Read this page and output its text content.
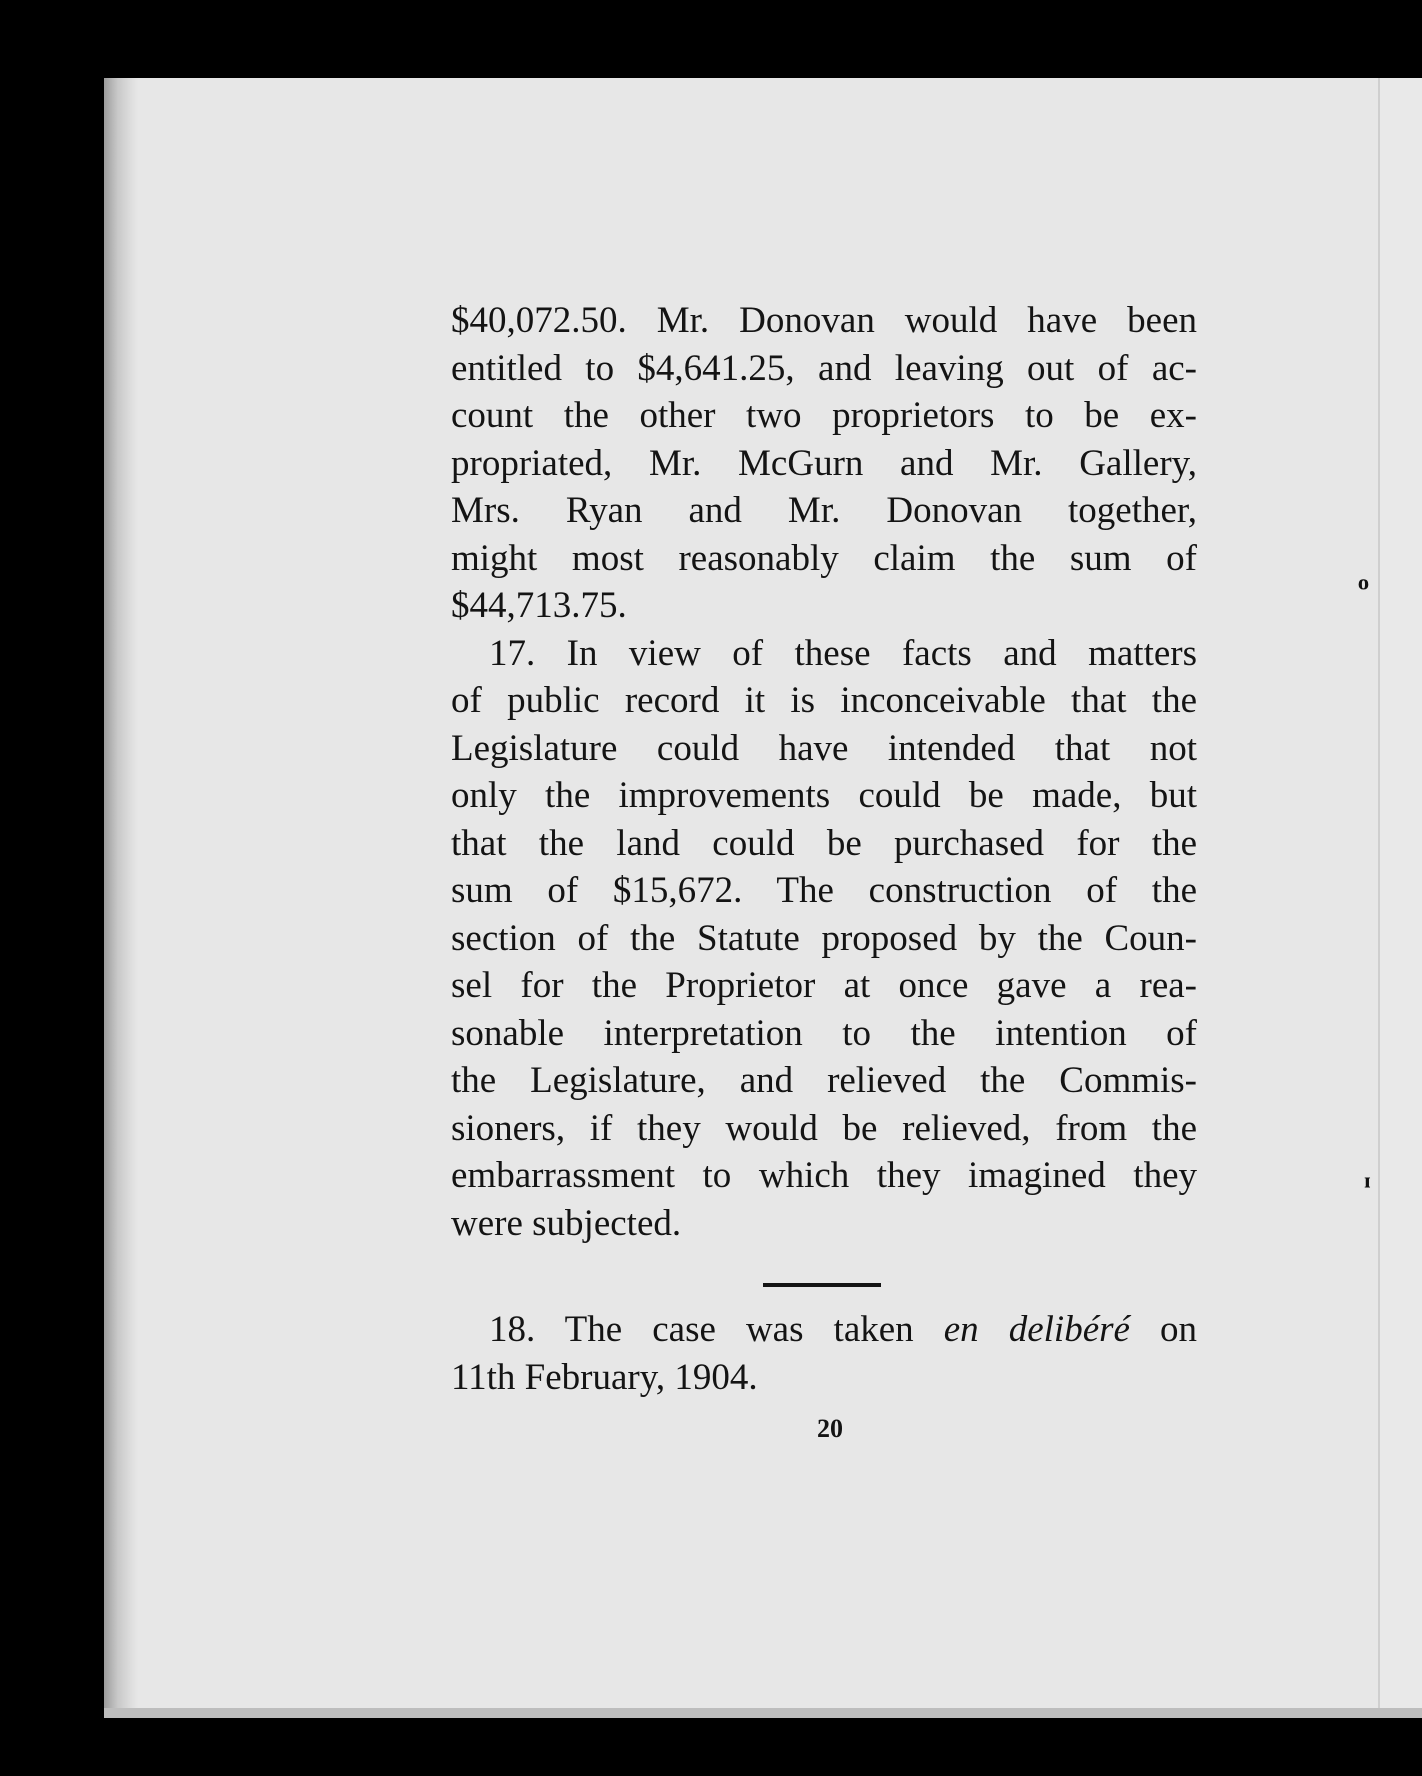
ᵒ
ᶦ
$40,072.50. Mr. Donovan would have been
entitled to $4,641.25, and leaving out of ac-
count the other two proprietors to be ex-
propriated, Mr. McGurn and Mr. Gallery,
Mrs. Ryan and Mr. Donovan together,
might most reasonably claim the sum of
$44,713.75.
17. In view of these facts and matters
of public record it is inconceivable that the
Legislature could have intended that not
only the improvements could be made, but
that the land could be purchased for the
sum of $15,672. The construction of the
section of the Statute proposed by the Coun-
sel for the Proprietor at once gave a rea-
sonable interpretation to the intention of
the Legislature, and relieved the Commis-
sioners, if they would be relieved, from the
embarrassment to which they imagined they
were subjected.
18. The case was taken en delibéré on
11th February, 1904.
20
